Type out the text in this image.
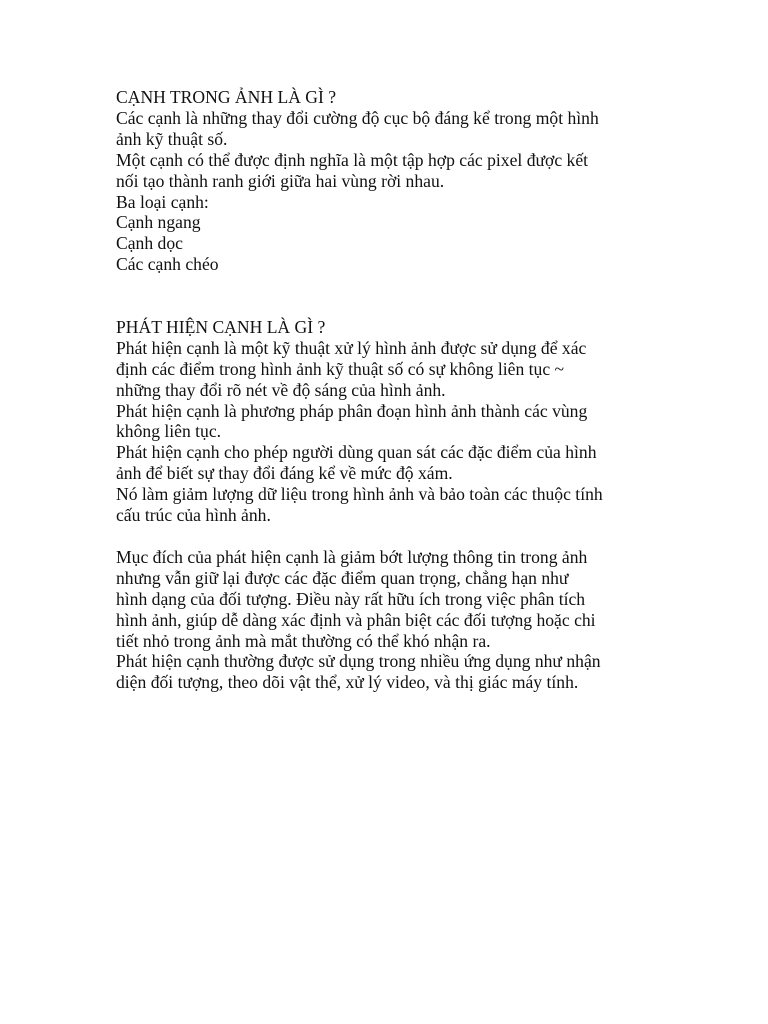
CẠNH TRONG ẢNH LÀ GÌ ?
Các cạnh là những thay đổi cường độ cục bộ đáng kể trong một hình
ảnh kỹ thuật số.
Một cạnh có thể được định nghĩa là một tập hợp các pixel được kết
nối tạo thành ranh giới giữa hai vùng rời nhau.
Ba loại cạnh:
Cạnh ngang
Cạnh dọc
Các cạnh chéo
PHÁT HIỆN CẠNH LÀ GÌ ?
Phát hiện cạnh là một kỹ thuật xử lý hình ảnh được sử dụng để xác
định các điểm trong hình ảnh kỹ thuật số có sự không liên tục ~
những thay đổi rõ nét về độ sáng của hình ảnh.
Phát hiện cạnh là phương pháp phân đoạn hình ảnh thành các vùng
không liên tục.
Phát hiện cạnh cho phép người dùng quan sát các đặc điểm của hình
ảnh để biết sự thay đổi đáng kể về mức độ xám.
Nó làm giảm lượng dữ liệu trong hình ảnh và bảo toàn các thuộc tính
cấu trúc của hình ảnh.
Mục đích của phát hiện cạnh là giảm bớt lượng thông tin trong ảnh
nhưng vẫn giữ lại được các đặc điểm quan trọng, chẳng hạn như
hình dạng của đối tượng. Điều này rất hữu ích trong việc phân tích
hình ảnh, giúp dễ dàng xác định và phân biệt các đối tượng hoặc chi
tiết nhỏ trong ảnh mà mắt thường có thể khó nhận ra.
Phát hiện cạnh thường được sử dụng trong nhiều ứng dụng như nhận
diện đối tượng, theo dõi vật thể, xử lý video, và thị giác máy tính.
